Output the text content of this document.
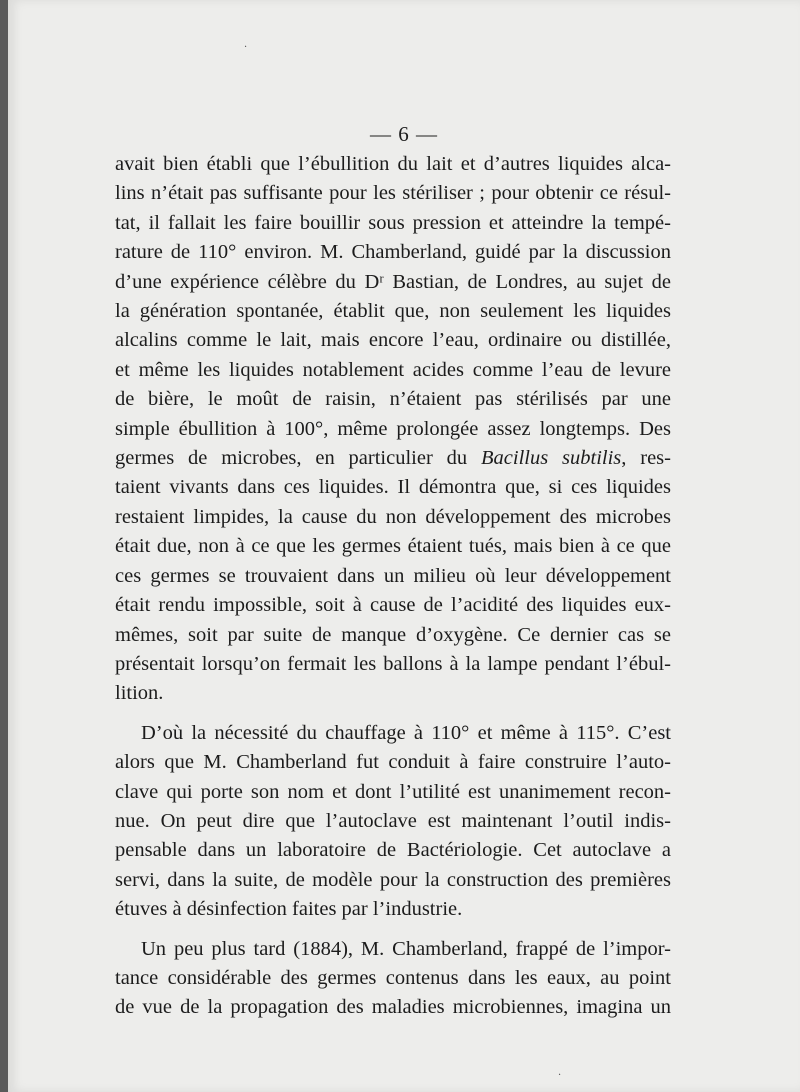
— 6 —
avait bien établi que l’ébullition du lait et d’autres liquides alca-
lins n’était pas suffisante pour les stériliser ; pour obtenir ce résul-
tat, il fallait les faire bouillir sous pression et atteindre la tempé-
rature de 110° environ. M. Chamberland, guidé par la discussion
d’une expérience célèbre du Dʳ Bastian, de Londres, au sujet de
la génération spontanée, établit que, non seulement les liquides
alcalins comme le lait, mais encore l’eau, ordinaire ou distillée,
et même les liquides notablement acides comme l’eau de levure
de bière, le moût de raisin, n’étaient pas stérilisés par une
simple ébullition à 100°, même prolongée assez longtemps. Des
germes de microbes, en particulier du Bacillus subtilis, res-
taient vivants dans ces liquides. Il démontra que, si ces liquides
restaient limpides, la cause du non développement des microbes
était due, non à ce que les germes étaient tués, mais bien à ce que
ces germes se trouvaient dans un milieu où leur développement
était rendu impossible, soit à cause de l’acidité des liquides eux-
mêmes, soit par suite de manque d’oxygène. Ce dernier cas se
présentait lorsqu’on fermait les ballons à la lampe pendant l’ébul-
lition.
D’où la nécessité du chauffage à 110° et même à 115°. C’est
alors que M. Chamberland fut conduit à faire construire l’auto-
clave qui porte son nom et dont l’utilité est unanimement recon-
nue. On peut dire que l’autoclave est maintenant l’outil indis-
pensable dans un laboratoire de Bactériologie. Cet autoclave a
servi, dans la suite, de modèle pour la construction des premières
étuves à désinfection faites par l’industrie.
Un peu plus tard (1884), M. Chamberland, frappé de l’impor-
tance considérable des germes contenus dans les eaux, au point
de vue de la propagation des maladies microbiennes, imagina un
·
·
